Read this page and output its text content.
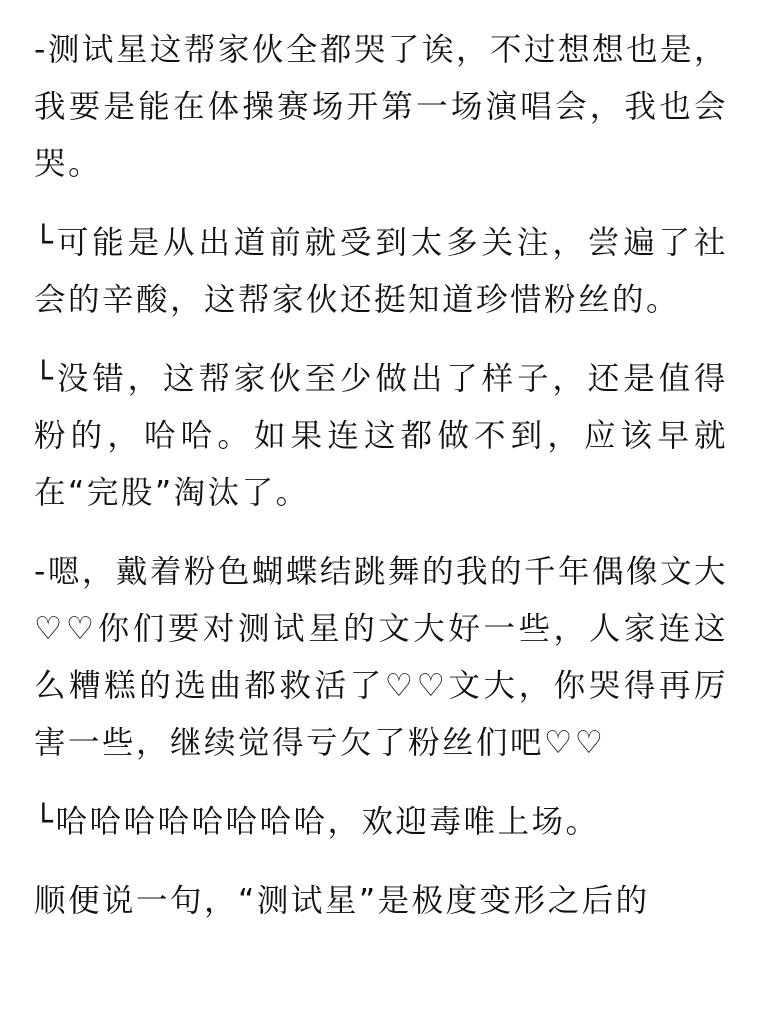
-测试星这帮家伙全都哭了诶，不过想想也是，我要是能在体操赛场开第一场演唱会，我也会哭。

└可能是从出道前就受到太多关注，尝遍了社会的辛酸，这帮家伙还挺知道珍惜粉丝的。

└没错，这帮家伙至少做出了样子，还是值得粉的，哈哈。如果连这都做不到，应该早就在“完股”淘汰了。

-嗯，戴着粉色蝴蝶结跳舞的我的千年偶像文大♡♡你们要对测试星的文大好一些，人家连这么糟糕的选曲都救活了♡♡文大，你哭得再厉害一些，继续觉得亏欠了粉丝们吧♡♡

└哈哈哈哈哈哈哈哈，欢迎毒唯上场。

顺便说一句，“测试星”是极度变形之后的
